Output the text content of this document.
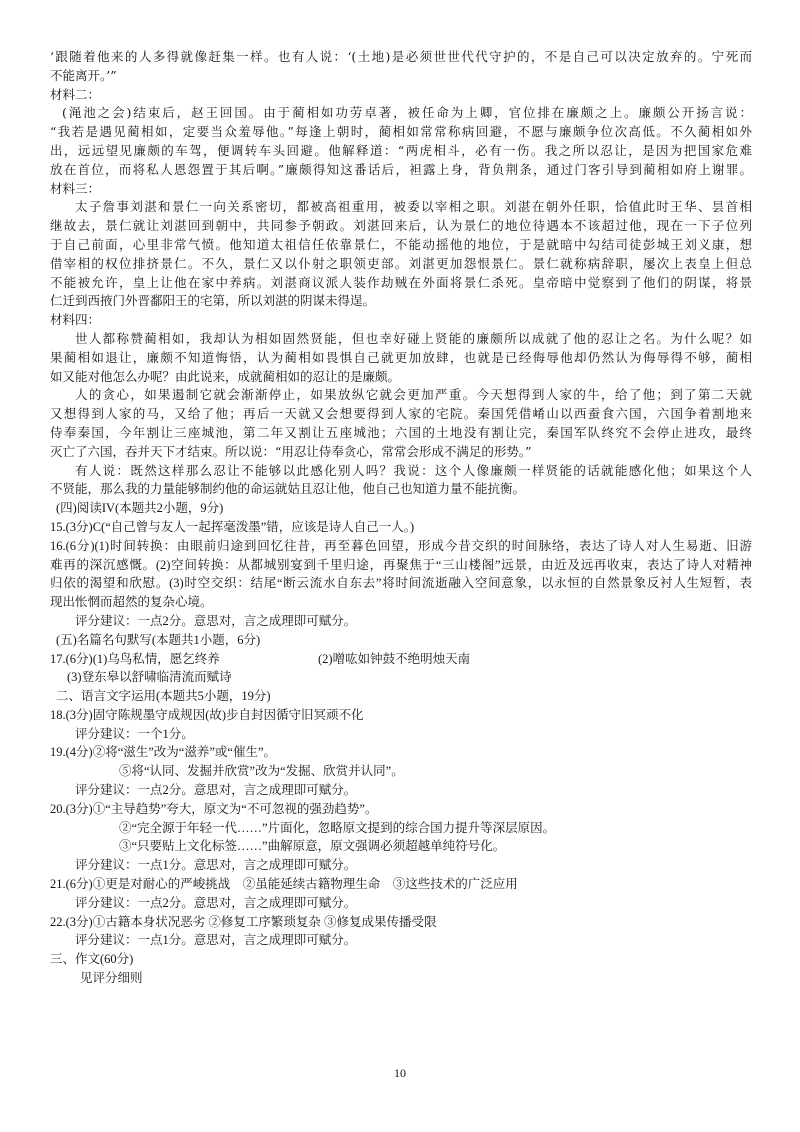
‘跟随着他来的人多得就像赶集一样。也有人说：‘(土地)是必须世世代代守护的，不是自己可以决定放弃的。宁死而
不能离开。’”
材料二：
(渑池之会)结束后，赵王回国。由于蔺相如功劳卓著，被任命为上卿，官位排在廉颇之上。廉颇公开扬言说：
“我若是遇见蔺相如，定要当众羞辱他。”每逢上朝时，蔺相如常常称病回避，不愿与廉颇争位次高低。不久蔺相如外
出，远远望见廉颇的车驾，便调转车头回避。他解释道：“两虎相斗，必有一伤。我之所以忍让，是因为把国家危难
放在首位，而将私人恩怨置于其后啊。”廉颇得知这番话后，袒露上身，背负荆条，通过门客引导到蔺相如府上谢罪。
材料三：
太子詹事刘湛和景仁一向关系密切，都被高祖重用，被委以宰相之职。刘湛在朝外任职，恰值此时王华、昙首相
继故去，景仁就让刘湛回到朝中，共同参予朝政。刘湛回来后，认为景仁的地位待遇本不该超过他，现在一下子位列
于自己前面，心里非常气愤。他知道太祖信任依靠景仁，不能动摇他的地位，于是就暗中勾结司徒彭城王刘义康，想
借宰相的权位排挤景仁。不久，景仁又以仆射之职领吏部。刘湛更加怨恨景仁。景仁就称病辞职，屡次上表皇上但总
不能被允许，皇上让他在家中养病。刘湛商议派人装作劫贼在外面将景仁杀死。皇帝暗中觉察到了他们的阴谋，将景
仁迁到西掖门外晋鄱阳王的宅第，所以刘湛的阴谋未得逞。
材料四：
世人都称赞蔺相如，我却认为相如固然贤能，但也幸好碰上贤能的廉颇所以成就了他的忍让之名。为什么呢？如
果蔺相如退让，廉颇不知道悔悟，认为蔺相如畏惧自己就更加放肆，也就是已经侮辱他却仍然认为侮辱得不够，蔺相
如又能对他怎么办呢？由此说来，成就蔺相如的忍让的是廉颇。
人的贪心，如果遏制它就会渐渐停止，如果放纵它就会更加严重。今天想得到人家的牛，给了他；到了第二天就
又想得到人家的马，又给了他；再后一天就又会想要得到人家的宅院。秦国凭借崤山以西蚕食六国，六国争着割地来
侍奉秦国，今年割让三座城池，第二年又割让五座城池；六国的土地没有割让完，秦国军队终究不会停止进攻，最终
灭亡了六国，吞并天下才结束。所以说：“用忍让侍奉贪心，常常会形成不满足的形势。”
有人说：既然这样那么忍让不能够以此感化别人吗？我说：这个人像廉颇一样贤能的话就能感化他；如果这个人
不贤能，那么我的力量能够制约他的命运就姑且忍让他，他自己也知道力量不能抗衡。
(四)阅读IV(本题共2小题，9分)
15.(3分)C(“自己曾与友人一起挥毫泼墨”错，应该是诗人自己一人。)
16.(6分)(1)时间转换：由眼前归途到回忆往昔，再至暮色回望，形成今昔交织的时间脉络，表达了诗人对人生易逝、旧游
难再的深沉感慨。(2)空间转换：从都城别宴到千里归途，再聚焦于“三山楼阁”远景，由近及远再收束，表达了诗人对精神
归依的渴望和欣慰。(3)时空交织：结尾“断云流水自东去”将时间流逝融入空间意象，以永恒的自然景象反衬人生短暂，表
现出怅惘而超然的复杂心境。
评分建议：一点2分。意思对，言之成理即可赋分。
(五)名篇名句默写(本题共1小题，6分)
17.(6分)(1)乌鸟私情，愿乞终养	(2)噌吰如钟鼓不绝明烛天南
(3)登东皋以舒啸临清流而赋诗
二、语言文字运用(本题共5小题，19分)
18.(3分)固守陈规墨守成规因(故)步自封因循守旧冥顽不化
评分建议：一个1分。
19.(4分)②将“滋生”改为“滋养”或“催生”。
⑤将“认同、发掘并欣赏”改为“发掘、欣赏并认同”。
评分建议：一点2分。意思对，言之成理即可赋分。
20.(3分)①“主导趋势”夸大，原文为“不可忽视的强劲趋势”。
②“完全源于年轻一代……”片面化，忽略原文提到的综合国力提升等深层原因。
③“只要贴上文化标签……”曲解原意，原文强调必须超越单纯符号化。
评分建议：一点1分。意思对，言之成理即可赋分。
21.(6分)①更是对耐心的严峻挑战　②虽能延续古籍物理生命　③这些技术的广泛应用
评分建议：一点2分。意思对，言之成理即可赋分。
22.(3分)①古籍本身状况恶劣 ②修复工序繁琐复杂 ③修复成果传播受限
评分建议：一点1分。意思对，言之成理即可赋分。
三、作文(60分)
见评分细则
10
